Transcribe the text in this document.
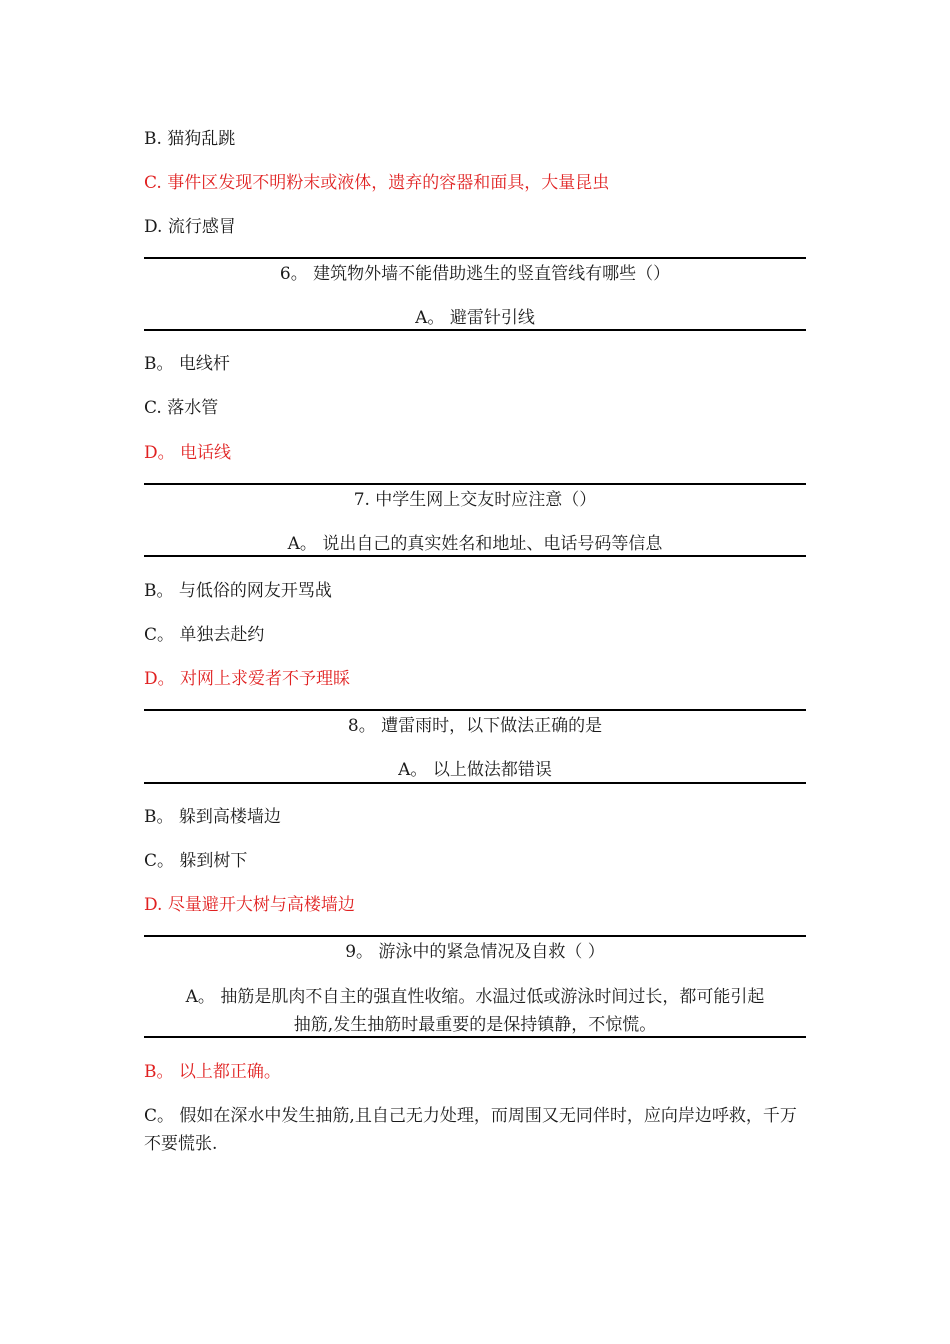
B. 猫狗乱跳
C. 事件区发现不明粉末或液体，遗弃的容器和面具，大量昆虫
D. 流行感冒
6。 建筑物外墙不能借助逃生的竖直管线有哪些（）
A。 避雷针引线
B。 电线杆
C. 落水管
D。 电话线
7. 中学生网上交友时应注意（）
A。 说出自己的真实姓名和地址、电话号码等信息
B。 与低俗的网友开骂战
C。 单独去赴约
D。 对网上求爱者不予理睬
8。 遭雷雨时，以下做法正确的是
A。 以上做法都错误
B。 躲到高楼墙边
C。 躲到树下
D. 尽量避开大树与高楼墙边
9。 游泳中的紧急情况及自救（ ）
A。 抽筋是肌肉不自主的强直性收缩。水温过低或游泳时间过长，都可能引起
抽筋,发生抽筋时最重要的是保持镇静，不惊慌。
B。 以上都正确。
C。 假如在深水中发生抽筋,且自己无力处理，而周围又无同伴时，应向岸边呼救，千万不要慌张.
